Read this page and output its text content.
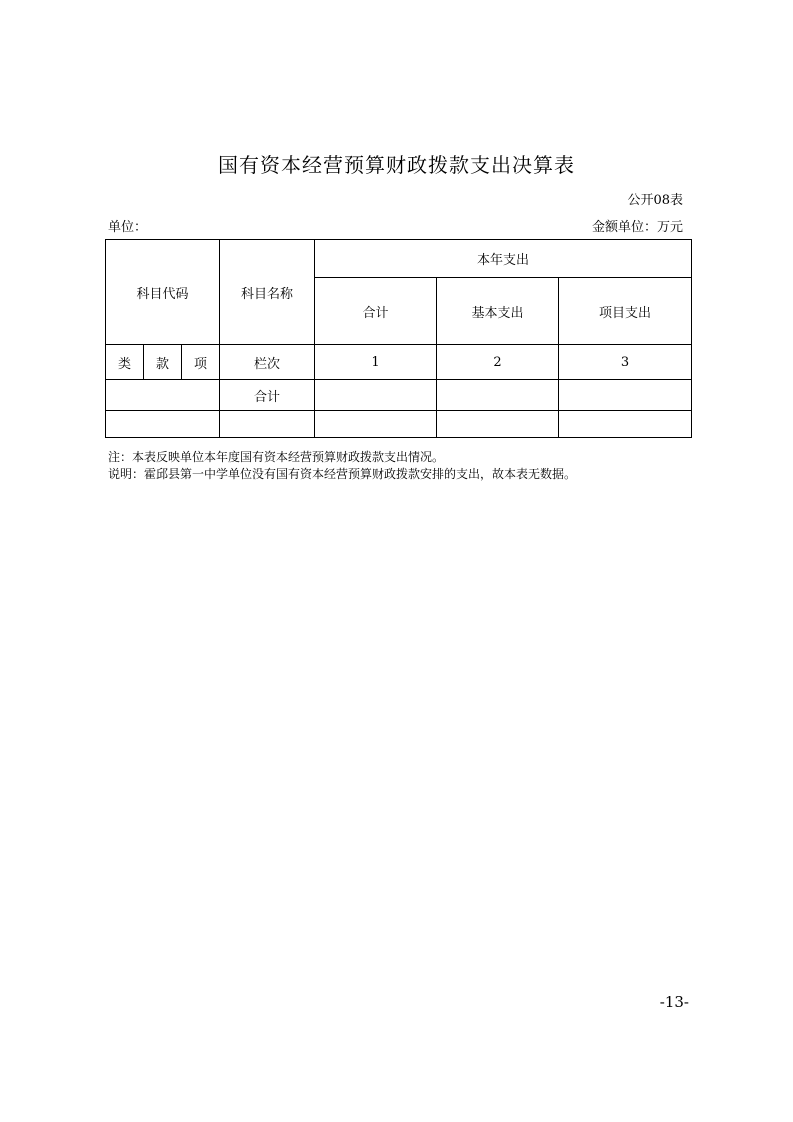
国有资本经营预算财政拨款支出决算表
公开08表
单位：	金额单位：万元
科目代码			科目名称	本年支出		
				合计	基本支出	项目支出
类	款	项	栏次	1	2	3
			合计			

注：本表反映单位本年度国有资本经营预算财政拨款支出情况。
说明：霍邱县第一中学单位没有国有资本经营预算财政拨款安排的支出，故本表无数据。
-13-
